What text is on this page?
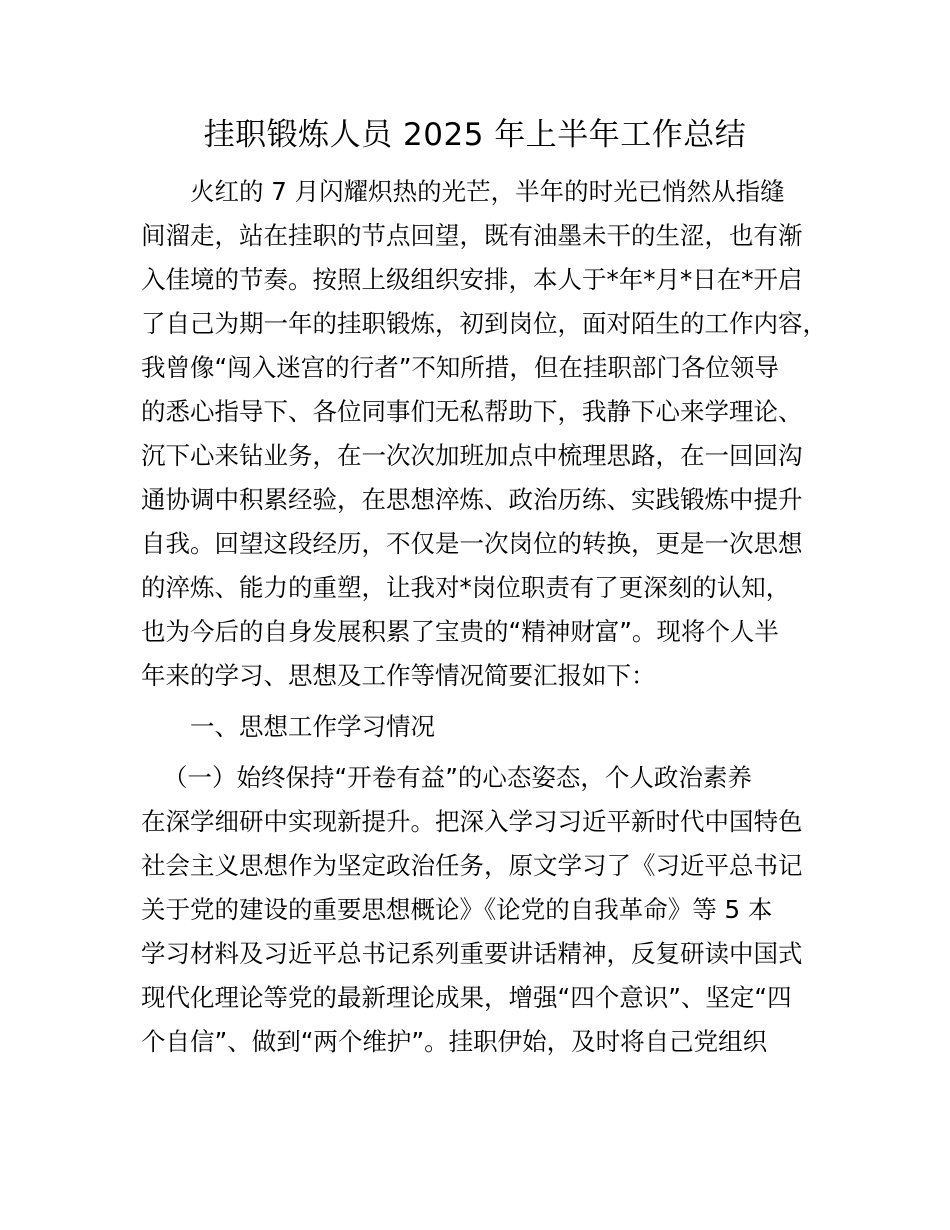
挂职锻炼人员 2025 年上半年工作总结
火红的 7 月闪耀炽热的光芒，半年的时光已悄然从指缝
间溜走，站在挂职的节点回望，既有油墨未干的生涩，也有渐
入佳境的节奏。按照上级组织安排，本人于*年*月*日在*开启
了自己为期一年的挂职锻炼，初到岗位，面对陌生的工作内容，
我曾像“闯入迷宫的行者”不知所措，但在挂职部门各位领导
的悉心指导下、各位同事们无私帮助下，我静下心来学理论、
沉下心来钻业务，在一次次加班加点中梳理思路，在一回回沟
通协调中积累经验，在思想淬炼、政治历练、实践锻炼中提升
自我。回望这段经历，不仅是一次岗位的转换，更是一次思想
的淬炼、能力的重塑，让我对*岗位职责有了更深刻的认知，
也为今后的自身发展积累了宝贵的“精神财富”。现将个人半
年来的学习、思想及工作等情况简要汇报如下：
一、思想工作学习情况
（一）始终保持“开卷有益”的心态姿态，个人政治素养
在深学细研中实现新提升。把深入学习习近平新时代中国特色
社会主义思想作为坚定政治任务，原文学习了《习近平总书记
关于党的建设的重要思想概论》《论党的自我革命》等 5 本
学习材料及习近平总书记系列重要讲话精神，反复研读中国式
现代化理论等党的最新理论成果，增强“四个意识”、坚定“四
个自信”、做到“两个维护”。挂职伊始，及时将自己党组织
